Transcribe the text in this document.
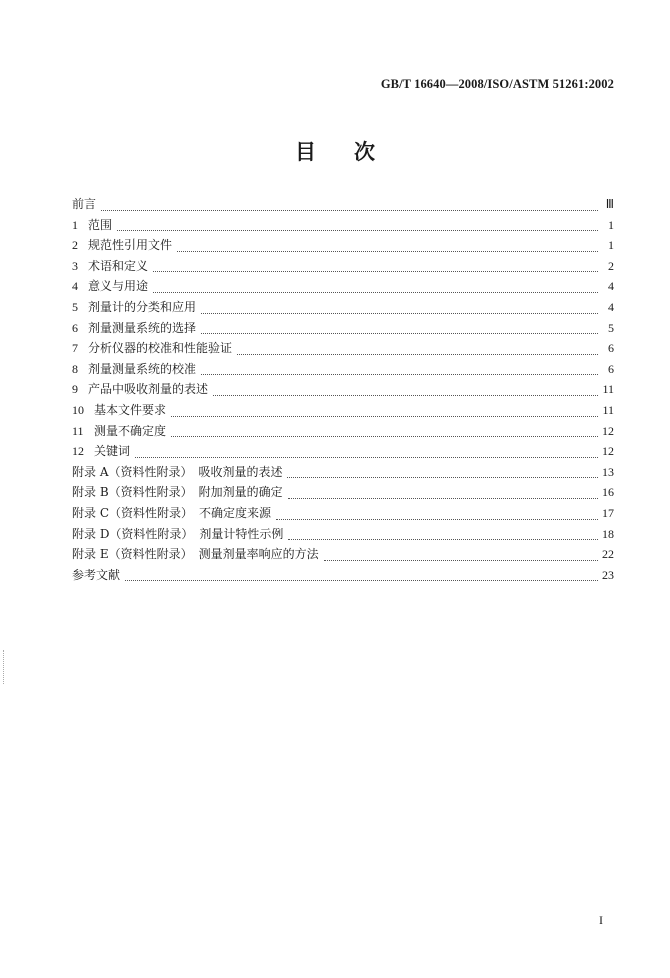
GB/T 16640—2008/ISO/ASTM 51261:2002
目 次
前言	Ⅲ
1 范围	1
2 规范性引用文件	1
3 术语和定义	2
4 意义与用途	4
5 剂量计的分类和应用	4
6 剂量测量系统的选择	5
7 分析仪器的校准和性能验证	6
8 剂量测量系统的校准	6
9 产品中吸收剂量的表述	11
10 基本文件要求	11
11 测量不确定度	12
12 关键词	12
附录 A（资料性附录）　吸收剂量的表述	13
附录 B（资料性附录）　附加剂量的确定	16
附录 C（资料性附录）　不确定度来源	17
附录 D（资料性附录）　剂量计特性示例	18
附录 E（资料性附录）　测量剂量率响应的方法	22
参考文献	23
I
